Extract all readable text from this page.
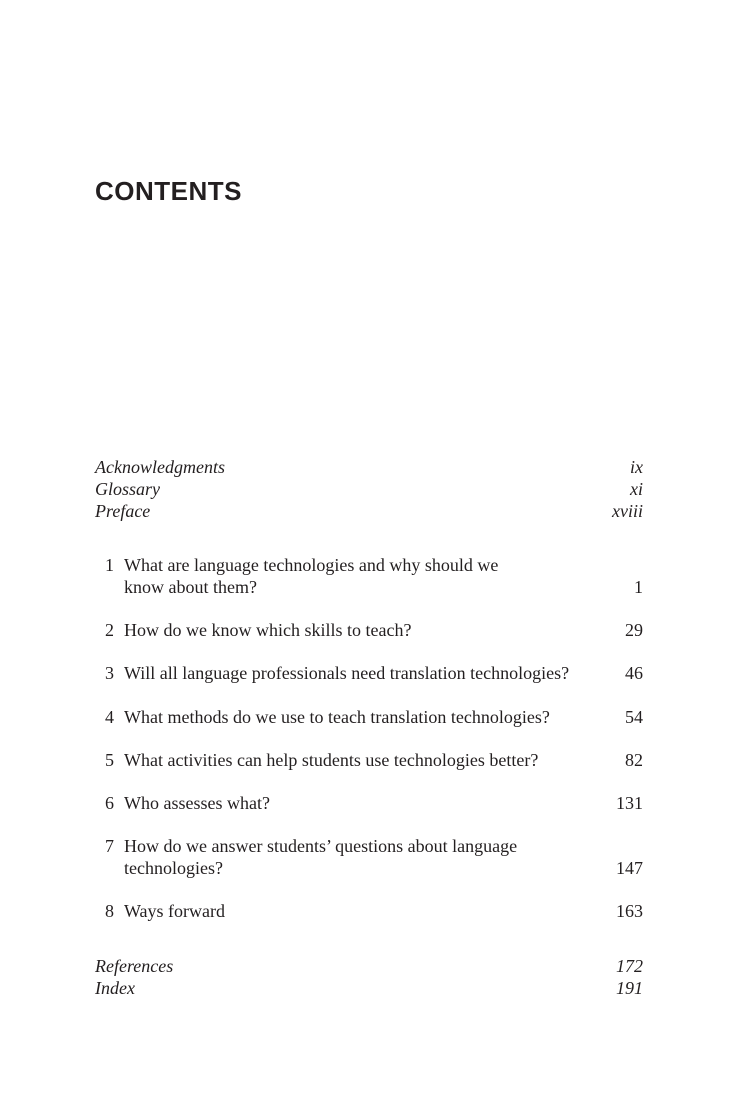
CONTENTS
Acknowledgments	ix
Glossary	xi
Preface	xviii
1 What are language technologies and why should we
know about them?	1
2 How do we know which skills to teach?	29
3 Will all language professionals need translation technologies?	46
4 What methods do we use to teach translation technologies?	54
5 What activities can help students use technologies better?	82
6 Who assesses what?	131
7 How do we answer students’ questions about language
technologies?	147
8 Ways forward	163
References	172
Index	191
